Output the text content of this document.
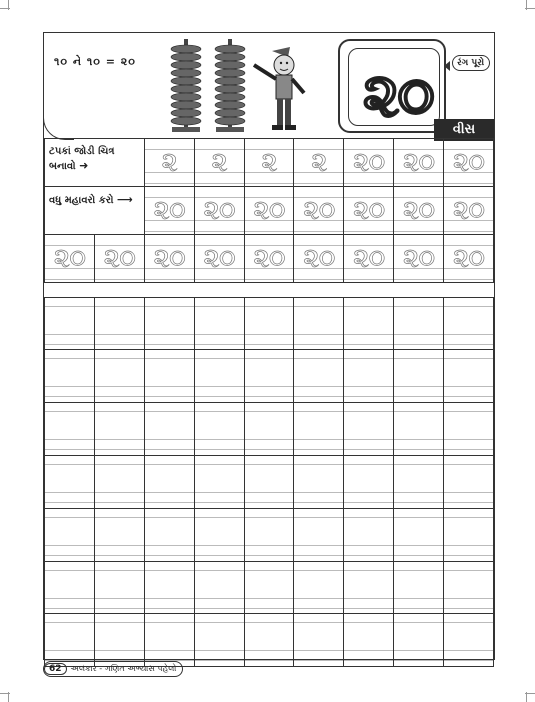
૧૦ ને ૧૦ = ૨૦	૨૦	રંગ પૂરો
વીસ
ટપકાં જોડી ચિત્ર બનાવો ➜		૨	૨	૨	૨	૨૦	૨૦	૨૦

વધુ મહાવરો કરો ⟶		૨૦	૨૦	૨૦	૨૦	૨૦	૨૦	૨૦

૨૦	૨૦	૨૦	૨૦	૨૦	૨૦	૨૦	૨૦	૨૦

62	અલંકાર - ગણિત અભ્યાસ પહેલો
